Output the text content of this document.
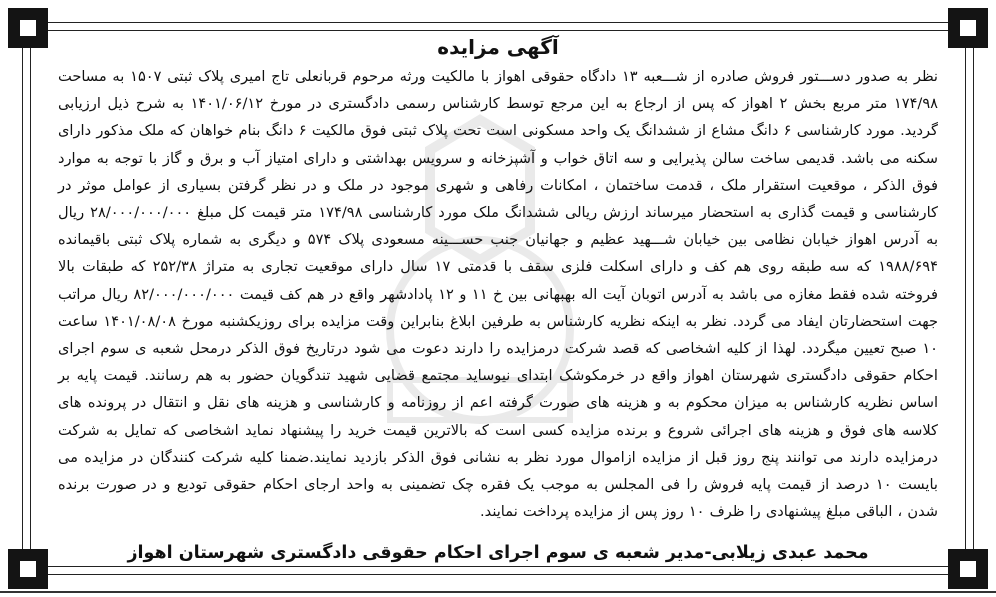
آگهی مزایده

نظر به صدور دســـتور فروش صادره از شـــعبه ۱۳ دادگاه حقوقی اهواز با مالکیت ورثه مرحوم قربانعلی تاج امیری پلاک ثبتی ۱۵۰۷ به مساحت ۱۷۴/۹۸ متر مربع بخش ۲ اهواز که پس از ارجاع به این مرجع توسط کارشناس رسمی دادگستری در مورخ ۱۴۰۱/۰۶/۱۲ به شرح ذیل ارزیابی گردید. مورد کارشناسی ۶ دانگ مشاع از ششدانگ یک واحد مسکونی است تحت پلاک ثبتی فوق مالکیت ۶ دانگ بنام خواهان که ملک مذکور دارای سکنه می باشد. قدیمی ساخت سالن پذیرایی و سه اتاق خواب و آشپزخانه و سرویس بهداشتی و دارای امتیاز آب و برق و گاز با توجه به موارد فوق الذکر ، موقعیت استقرار ملک ، قدمت ساختمان ، امکانات رفاهی و شهری موجود در ملک و در نظر گرفتن بسیاری از عوامل موثر در کارشناسی و قیمت گذاری به استحضار میرساند ارزش ریالی ششدانگ ملک مورد کارشناسی ۱۷۴/۹۸ متر قیمت کل مبلغ ۲۸/۰۰۰/۰۰۰/۰۰۰ ریال به آدرس اهواز خیابان نظامی بین خیابان شـــهید عظیم و جهانیان جنب حســـینه مسعودی پلاک ۵۷۴ و دیگری به شماره پلاک ثبتی باقیمانده ۱۹۸۸/۶۹۴ که سه طبقه روی هم کف و دارای اسکلت فلزی سقف با قدمتی ۱۷ سال دارای موقعیت تجاری به متراژ ۲۵۲/۳۸ که طبقات بالا فروخته شده فقط مغازه می باشد به آدرس اتوبان آیت اله بهبهانی بین خ ۱۱ و ۱۲ پادادشهر واقع در هم کف قیمت ۸۲/۰۰۰/۰۰۰/۰۰۰ ریال مراتب جهت استحضارتان ایفاد می گردد. نظر به اینکه نظریه کارشناس به طرفین ابلاغ بنابراین وقت مزایده برای روزیکشنبه مورخ ۱۴۰۱/۰۸/۰۸ ساعت ۱۰ صبح تعیین میگردد. لهذا از کلیه اشخاصی که قصد شرکت درمزایده را دارند دعوت می شود درتاریخ فوق الذکر درمحل شعبه ی سوم اجرای احکام حقوقی دادگستری شهرستان اهواز واقع در خرمکوشک ابتدای نیوساید مجتمع قضایی شهید تندگویان حضور به هم رسانند. قیمت پایه بر اساس نظریه کارشناس به میزان محکوم به و هزینه های صورت گرفته اعم از روزنامه و کارشناسی و هزینه های نقل و انتقال در پرونده های کلاسه های فوق و هزینه های اجرائی شروع و برنده مزایده کسی است که بالاترین قیمت خرید را پیشنهاد نماید اشخاصی که تمایل به شرکت درمزایده دارند می توانند پنج روز قبل از مزایده ازاموال مورد نظر به نشانی فوق الذکر بازدید نمایند.ضمنا کلیه شرکت کنندگان در مزایده می بایست ۱۰ درصد از قیمت پایه فروش را فی المجلس به موجب یک فقره چک تضمینی به واحد ارجای احکام حقوقی تودیع و در صورت برنده شدن ، الباقی مبلغ پیشنهادی را ظرف ۱۰ روز پس از مزایده پرداخت نمایند.

محمد عبدی زیلابی-مدیر شعبه ی سوم اجرای احکام حقوقی دادگستری شهرستان اهواز
